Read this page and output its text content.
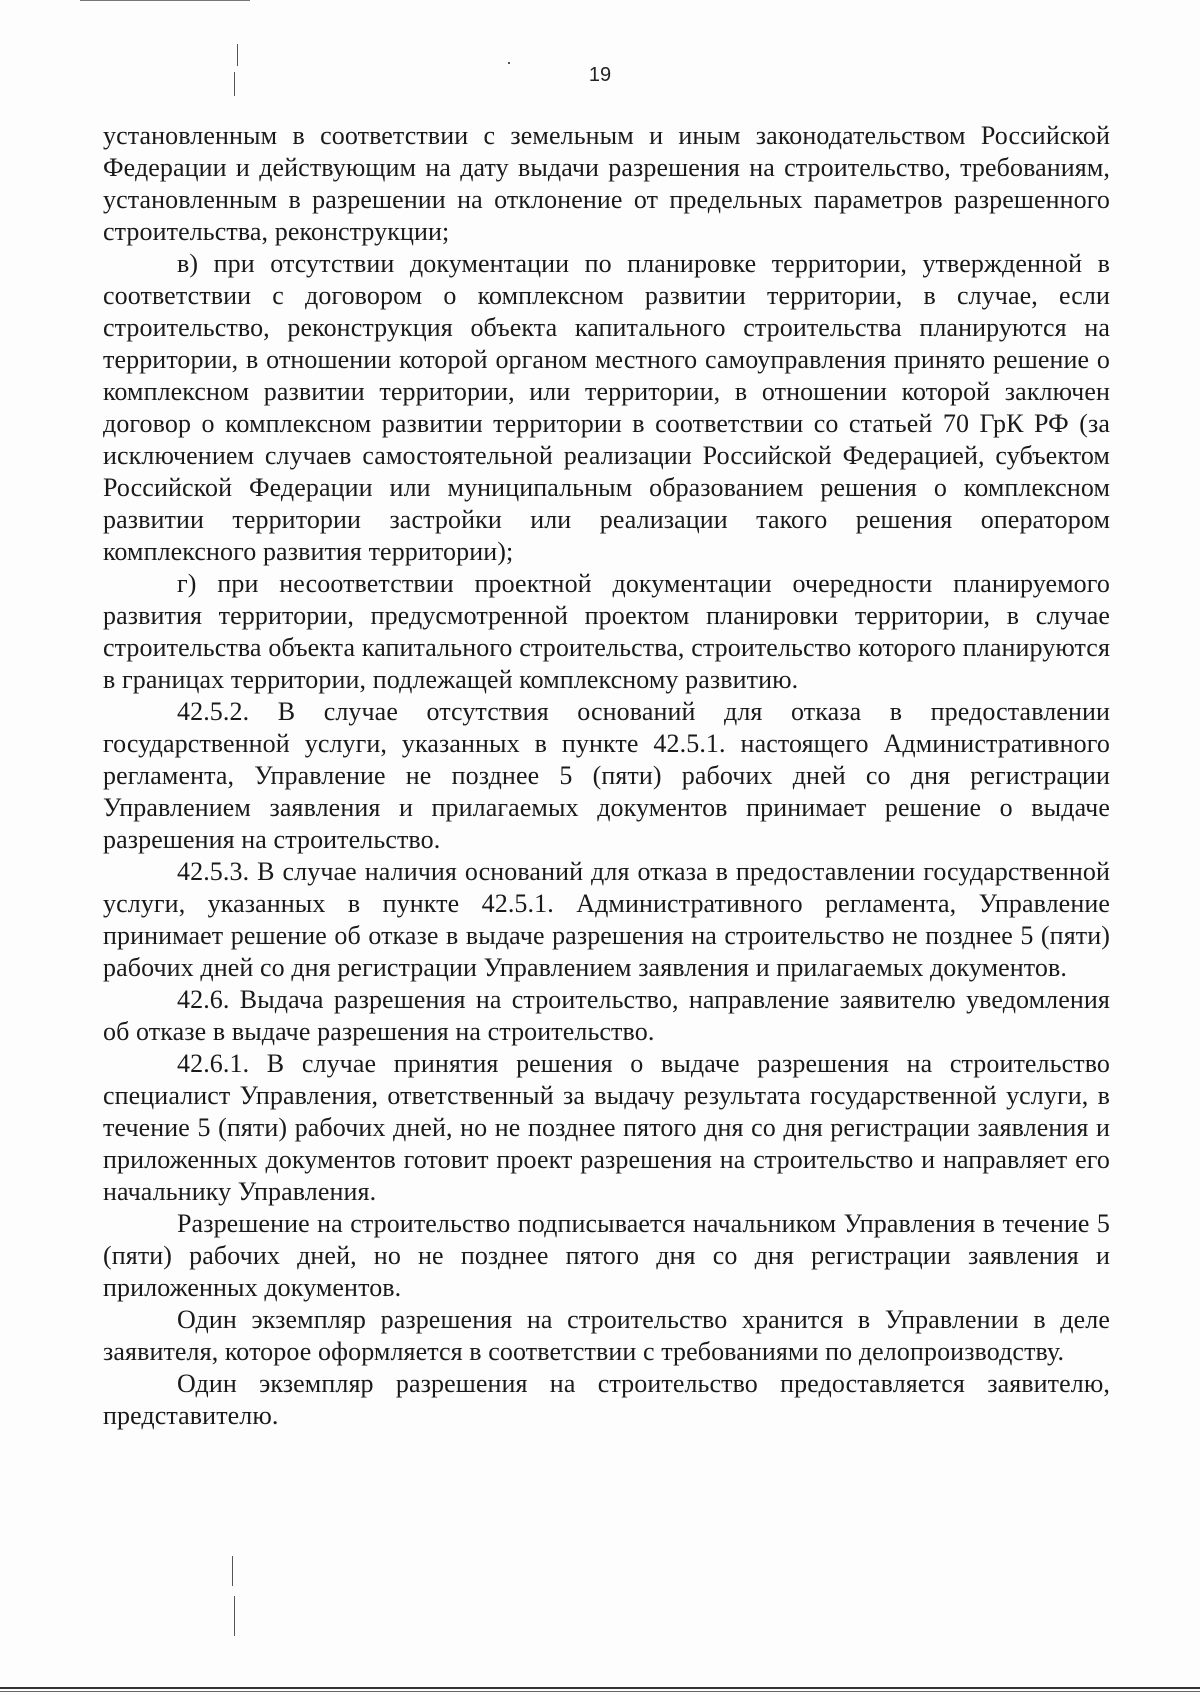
19

установленным в соответствии с земельным и иным законодательством Российской Федерации и действующим на дату выдачи разрешения на строительство, требованиям, установленным в разрешении на отклонение от предельных параметров разрешенного строительства, реконструкции;

в) при отсутствии документации по планировке территории, утвержденной в соответствии с договором о комплексном развитии территории, в случае, если строительство, реконструкция объекта капитального строительства планируются на территории, в отношении которой органом местного самоуправления принято решение о комплексном развитии территории, или территории, в отношении которой заключен договор о комплексном развитии территории в соответствии со статьей 70 ГрК РФ (за исключением случаев самостоятельной реализации Российской Федерацией, субъектом Российской Федерации или муниципальным образованием решения о комплексном развитии территории застройки или реализации такого решения оператором комплексного развития территории);

г) при несоответствии проектной документации очередности планируемого развития территории, предусмотренной проектом планировки территории, в случае строительства объекта капитального строительства, строительство которого планируются в границах территории, подлежащей комплексному развитию.

42.5.2. В случае отсутствия оснований для отказа в предоставлении государственной услуги, указанных в пункте 42.5.1. настоящего Административного регламента, Управление не позднее 5 (пяти) рабочих дней со дня регистрации Управлением заявления и прилагаемых документов принимает решение о выдаче разрешения на строительство.

42.5.3. В случае наличия оснований для отказа в предоставлении государственной услуги, указанных в пункте 42.5.1. Административного регламента, Управление принимает решение об отказе в выдаче разрешения на строительство не позднее 5 (пяти) рабочих дней со дня регистрации Управлением заявления и прилагаемых документов.

42.6. Выдача разрешения на строительство, направление заявителю уведомления об отказе в выдаче разрешения на строительство.

42.6.1. В случае принятия решения о выдаче разрешения на строительство специалист Управления, ответственный за выдачу результата государственной услуги, в течение 5 (пяти) рабочих дней, но не позднее пятого дня со дня регистрации заявления и приложенных документов готовит проект разрешения на строительство и направляет его начальнику Управления.

Разрешение на строительство подписывается начальником Управления в течение 5 (пяти) рабочих дней, но не позднее пятого дня со дня регистрации заявления и приложенных документов.

Один экземпляр разрешения на строительство хранится в Управлении в деле заявителя, которое оформляется в соответствии с требованиями по делопроизводству.

Один экземпляр разрешения на строительство предоставляется заявителю, представителю.
